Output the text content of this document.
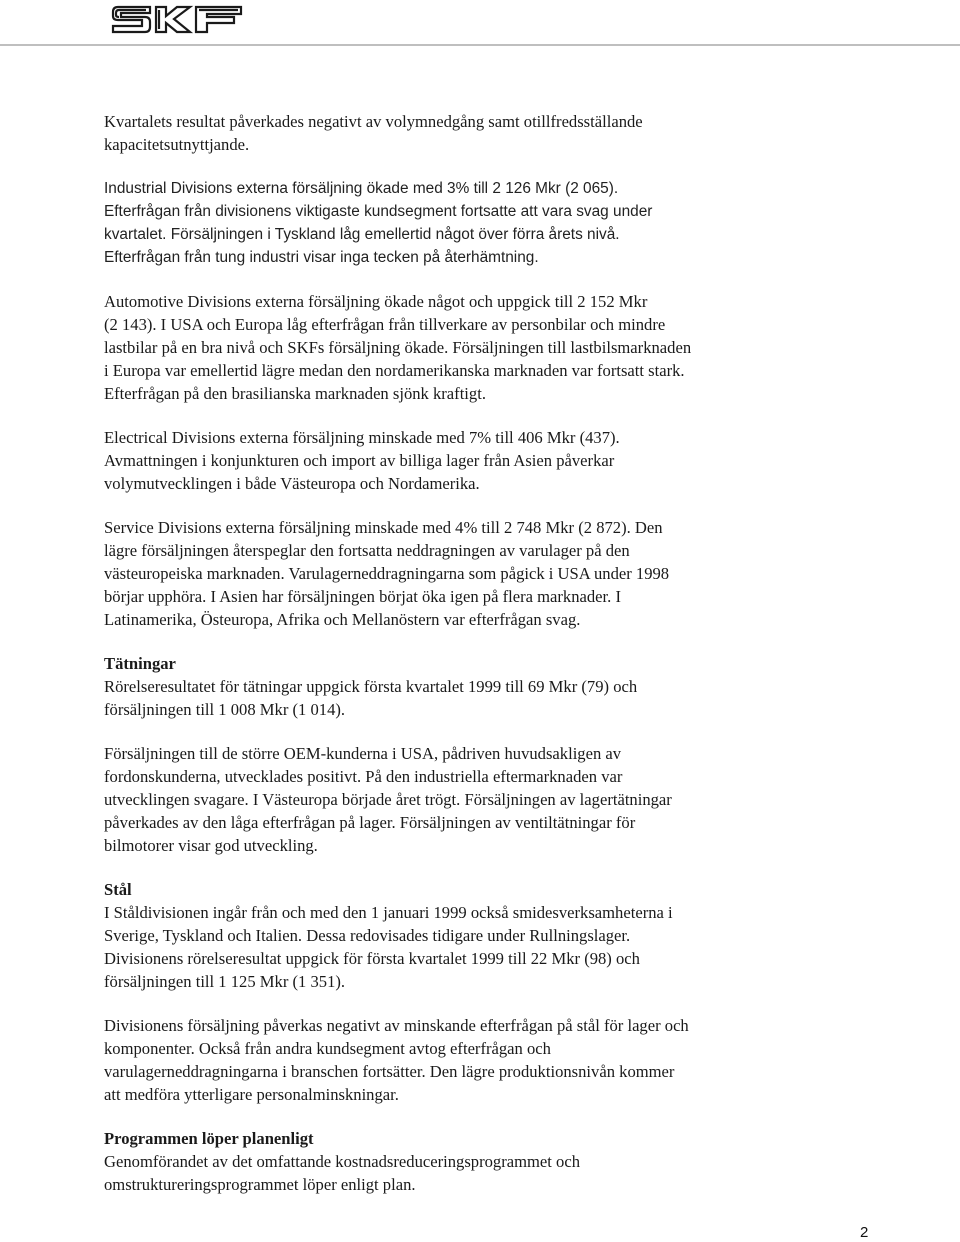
Kvartalets resultat påverkades negativt av volymnedgång samt otillfredsställande
kapacitetsutnyttjande.

Industrial Divisions externa försäljning ökade med 3% till 2 126 Mkr (2 065).
Efterfrågan från divisionens viktigaste kundsegment fortsatte att vara svag under
kvartalet. Försäljningen i Tyskland låg emellertid något över förra årets nivå.
Efterfrågan från tung industri visar inga tecken på återhämtning.

Automotive Divisions externa försäljning ökade något och uppgick till 2 152 Mkr
(2 143). I USA och Europa låg efterfrågan från tillverkare av personbilar och mindre
lastbilar på en bra nivå och SKFs försäljning ökade. Försäljningen till lastbilsmarknaden
i Europa var emellertid lägre medan den nordamerikanska marknaden var fortsatt stark.
Efterfrågan på den brasilianska marknaden sjönk kraftigt.

Electrical Divisions externa försäljning minskade med 7% till 406 Mkr (437).
Avmattningen i konjunkturen och import av billiga lager från Asien påverkar
volymutvecklingen i både Västeuropa och Nordamerika.

Service Divisions externa försäljning minskade med 4% till 2 748 Mkr (2 872). Den
lägre försäljningen återspeglar den fortsatta neddragningen av varulager på den
västeuropeiska marknaden. Varulagerneddragningarna som pågick i USA under 1998
börjar upphöra. I Asien har försäljningen börjat öka igen på flera marknader. I
Latinamerika, Östeuropa, Afrika och Mellanöstern var efterfrågan svag.

Tätningar
Rörelseresultatet för tätningar uppgick första kvartalet 1999 till 69 Mkr (79) och
försäljningen till 1 008 Mkr (1 014).

Försäljningen till de större OEM-kunderna i USA, pådriven huvudsakligen av
fordonskunderna, utvecklades positivt. På den industriella eftermarknaden var
utvecklingen svagare. I Västeuropa började året trögt. Försäljningen av lagertätningar
påverkades av den låga efterfrågan på lager. Försäljningen av ventiltätningar för
bilmotorer visar god utveckling.

Stål
I Ståldivisionen ingår från och med den 1 januari 1999 också smidesverksamheterna i
Sverige, Tyskland och Italien. Dessa redovisades tidigare under Rullningslager.
Divisionens rörelseresultat uppgick för första kvartalet 1999 till 22 Mkr (98) och
försäljningen till 1 125 Mkr (1 351).

Divisionens försäljning påverkas negativt av minskande efterfrågan på stål för lager och
komponenter. Också från andra kundsegment avtog efterfrågan och
varulagerneddragningarna i branschen fortsätter. Den lägre produktionsnivån kommer
att medföra ytterligare personalminskningar.

Programmen löper planenligt
Genomförandet av det omfattande kostnadsreduceringsprogrammet och
omstruktureringsprogrammet löper enligt plan.

2
